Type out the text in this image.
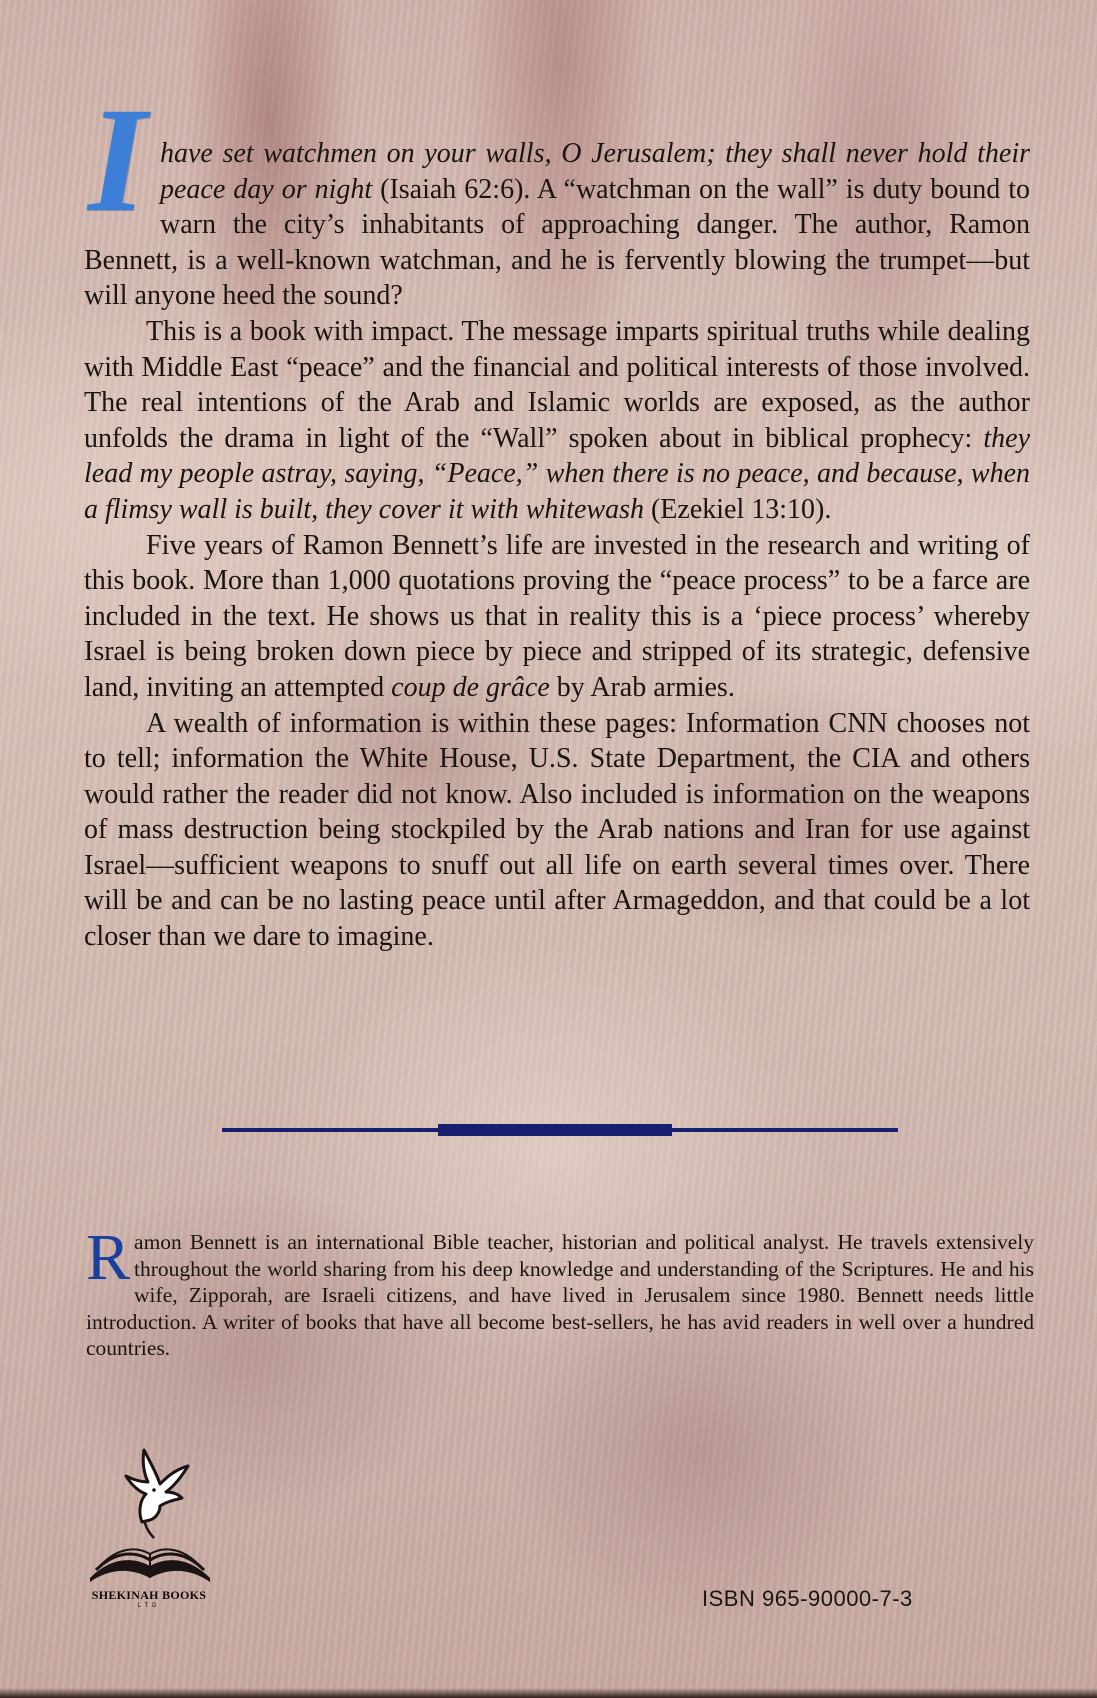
Ihave set watchmen on your walls, O Jerusalem; they shall never hold their peace day or night (Isaiah 62:6). A “watchman on the wall” is duty bound to warn the city’s inhabitants of approaching danger. The author, Ramon Bennett, is a well-known watchman, and he is fervently blowing the trumpet—but will anyone heed the sound?

This is a book with impact. The message imparts spiritual truths while dealing with Middle East “peace” and the financial and political interests of those involved. The real intentions of the Arab and Islamic worlds are exposed, as the author unfolds the drama in light of the “Wall” spoken about in biblical prophecy: they lead my people astray, saying, “Peace,” when there is no peace, and because, when a flimsy wall is built, they cover it with whitewash (Ezekiel 13:10).

Five years of Ramon Bennett’s life are invested in the research and writing of this book. More than 1,000 quotations proving the “peace process” to be a farce are included in the text. He shows us that in reality this is a ‘piece process’ whereby Israel is being broken down piece by piece and stripped of its strategic, defensive land, inviting an attempted coup de grâce by Arab armies.

A wealth of information is within these pages: Information CNN chooses not to tell; information the White House, U.S. State Department, the CIA and others would rather the reader did not know. Also included is information on the weapons of mass destruction being stockpiled by the Arab nations and Iran for use against Israel—sufficient weapons to snuff out all life on earth several times over. There will be and can be no lasting peace until after Armageddon, and that could be a lot closer than we dare to imagine.

Ramon Bennett is an international Bible teacher, historian and political analyst. He travels extensively throughout the world sharing from his deep knowledge and understanding of the Scriptures. He and his wife, Zipporah, are Israeli citizens, and have lived in Jerusalem since 1980. Bennett needs little introduction. A writer of books that have all become best-sellers, he has avid readers in well over a hundred countries.

SHEKINAH BOOKS
LTD	ISBN 965-90000-7-3
